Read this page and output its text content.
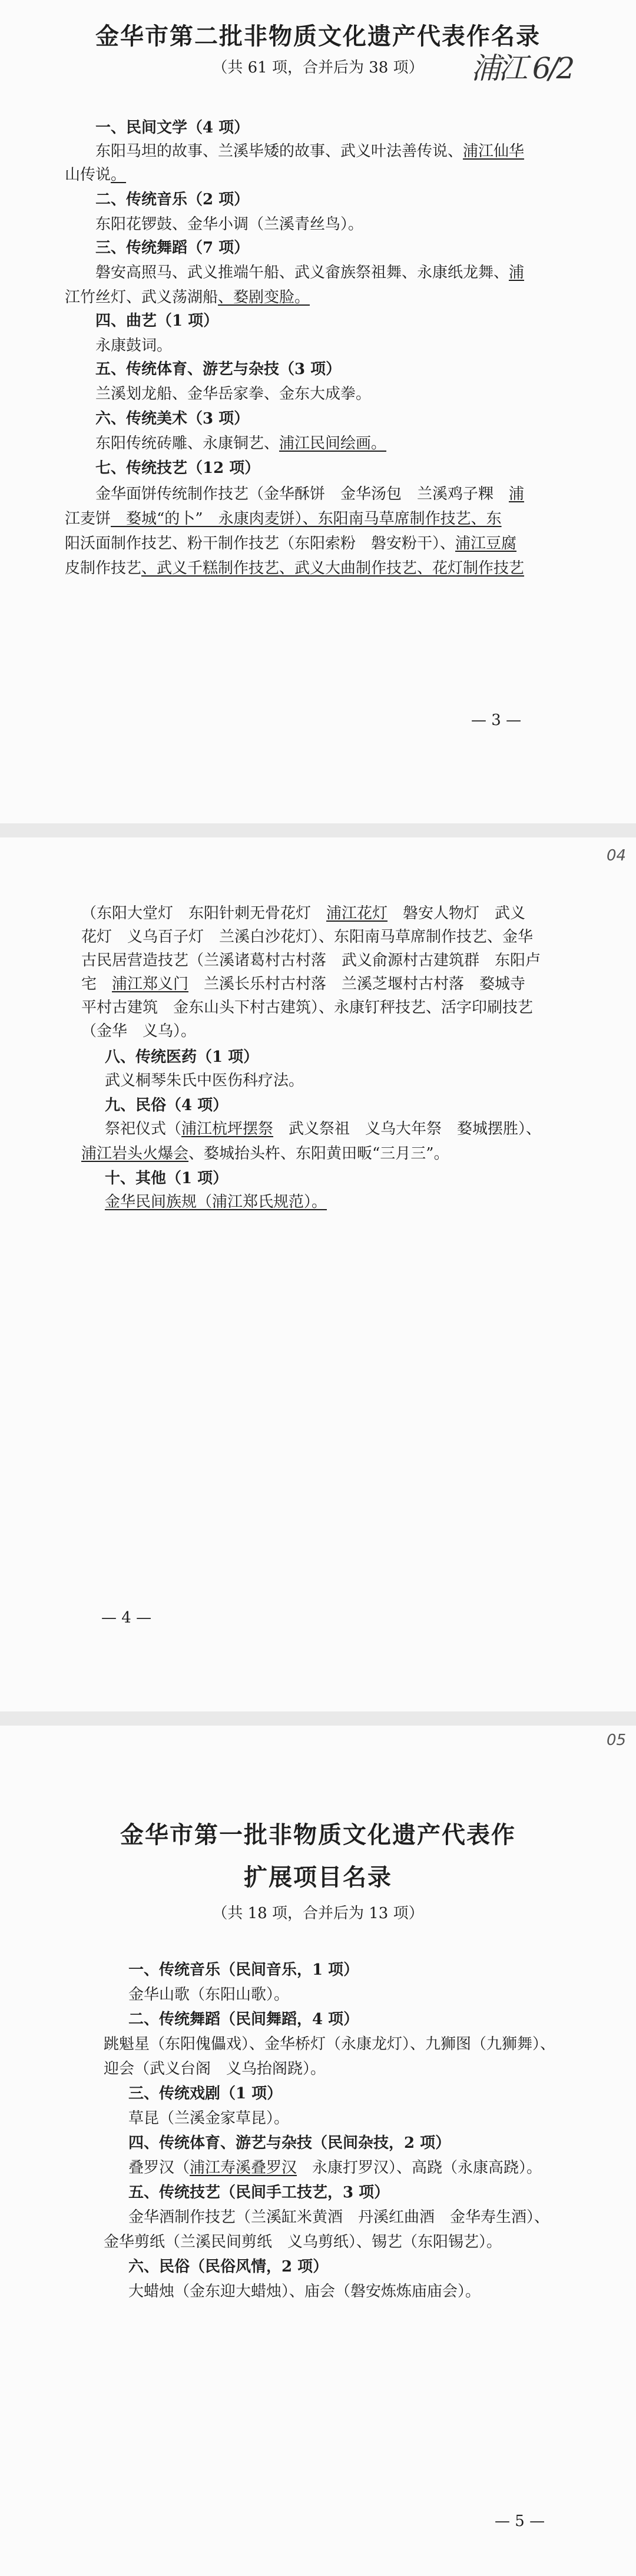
金华市第二批非物质文化遗产代表作名录
（共 61 项，合并后为 38 项）	浦江 6/2
一、民间文学（4 项）
东阳马坦的故事、兰溪毕矮的故事、武义叶法善传说、浦江仙华
山传说。
二、传统音乐（2 项）
东阳花锣鼓、金华小调（兰溪青丝鸟）。
三、传统舞蹈（7 项）
磐安高照马、武义推端午船、武义畲族祭祖舞、永康纸龙舞、浦
江竹丝灯、武义荡湖船、婺剧变脸。
四、曲艺（1 项）
永康鼓词。
五、传统体育、游艺与杂技（3 项）
兰溪划龙船、金华岳家拳、金东大成拳。
六、传统美术（3 项）
东阳传统砖雕、永康铜艺、浦江民间绘画。
七、传统技艺（12 项）
金华面饼传统制作技艺（金华酥饼　金华汤包　兰溪鸡子粿　浦
江麦饼　婺城“的卜”　永康肉麦饼）、东阳南马草席制作技艺、东
阳沃面制作技艺、粉干制作技艺（东阳索粉　磐安粉干）、浦江豆腐
皮制作技艺、武义千糕制作技艺、武义大曲制作技艺、花灯制作技艺
— 3 —
04
（东阳大堂灯　东阳针刺无骨花灯　浦江花灯　磐安人物灯　武义
花灯　义乌百子灯　兰溪白沙花灯）、东阳南马草席制作技艺、金华
古民居营造技艺（兰溪诸葛村古村落　武义俞源村古建筑群　东阳卢
宅　浦江郑义门　兰溪长乐村古村落　兰溪芝堰村古村落　婺城寺
平村古建筑　金东山头下村古建筑）、永康钉秤技艺、活字印刷技艺
（金华　义乌）。
八、传统医药（1 项）
武义桐琴朱氏中医伤科疗法。
九、民俗（4 项）
祭祀仪式（浦江杭坪摆祭　武义祭祖　义乌大年祭　婺城摆胜）、
浦江岩头火爆会、婺城抬头杵、东阳黄田畈“三月三”。
十、其他（1 项）
金华民间族规（浦江郑氏规范）。
— 4 —
05
金华市第一批非物质文化遗产代表作
扩展项目名录
（共 18 项，合并后为 13 项）
一、传统音乐（民间音乐，1 项）
金华山歌（东阳山歌）。
二、传统舞蹈（民间舞蹈，4 项）
跳魁星（东阳傀儡戏）、金华桥灯（永康龙灯）、九狮图（九狮舞）、
迎会（武义台阁　义乌抬阁跷）。
三、传统戏剧（1 项）
草昆（兰溪金家草昆）。
四、传统体育、游艺与杂技（民间杂技，2 项）
叠罗汉（浦江寿溪叠罗汉　永康打罗汉）、高跷（永康高跷）。
五、传统技艺（民间手工技艺，3 项）
金华酒制作技艺（兰溪缸米黄酒　丹溪红曲酒　金华寿生酒）、
金华剪纸（兰溪民间剪纸　义乌剪纸）、锡艺（东阳锡艺）。
六、民俗（民俗风情，2 项）
大蜡烛（金东迎大蜡烛）、庙会（磐安炼炼庙庙会）。
— 5 —
